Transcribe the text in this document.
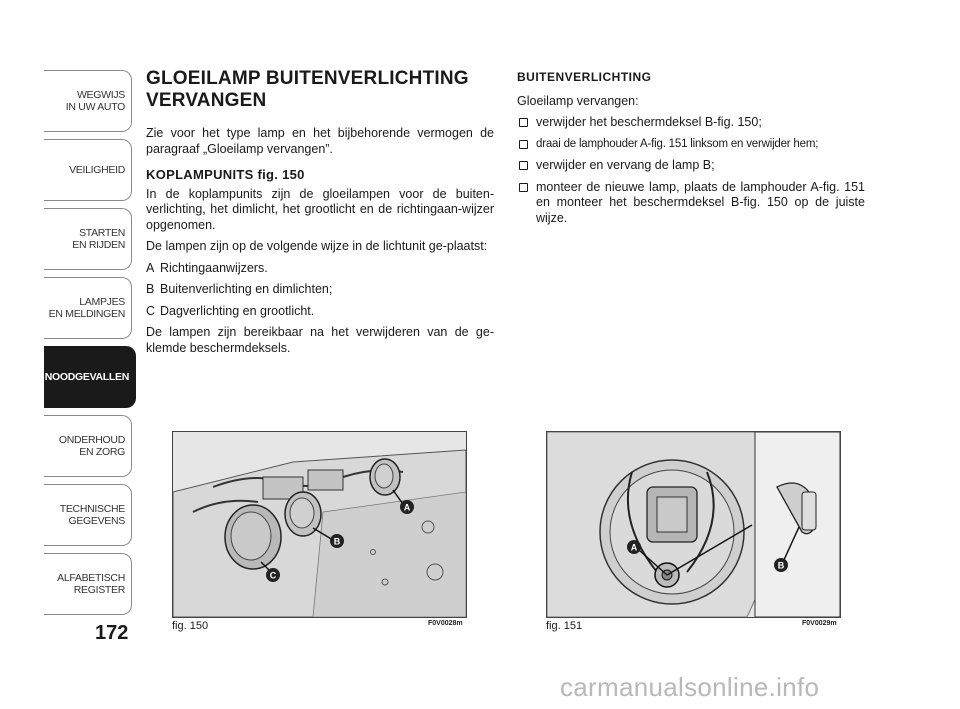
WEGWIJS
IN UW AUTO
VEILIGHEID
STARTEN
EN RIJDEN
LAMPJES
EN MELDINGEN
NOODGEVALLEN
ONDERHOUD
EN ZORG
TECHNISCHE
GEGEVENS
ALFABETISCH
REGISTER
172
GLOEILAMP BUITENVERLICHTING VERVANGEN

Zie voor het type lamp en het bijbehorende vermogen de paragraaf „Gloeilamp vervangen”.

KOPLAMPUNITS fig. 150

In de koplampunits zijn de gloeilampen voor de buiten-verlichting, het dimlicht, het grootlicht en de richtingaan-wijzer opgenomen.

De lampen zijn op de volgende wijze in de lichtunit ge-plaatst:

A Richtingaanwijzers.
B Buitenverlichting en dimlichten;
C Dagverlichting en grootlicht.

De lampen zijn bereikbaar na het verwijderen van de ge-klemde beschermdeksels.

BUITENVERLICHTING

Gloeilamp vervangen:

verwijder het beschermdeksel B-fig. 150;
draai de lamphouder A-fig. 151 linksom en verwijder hem;
verwijder en vervang de lamp B;
monteer de nieuwe lamp, plaats de lamphouder A-fig. 151 en monteer het beschermdeksel B-fig. 150 op de juiste wijze.
A
B
C
fig. 150	F0V0028m
A
B
fig. 151	F0V0029m
carmanualsonline.info
